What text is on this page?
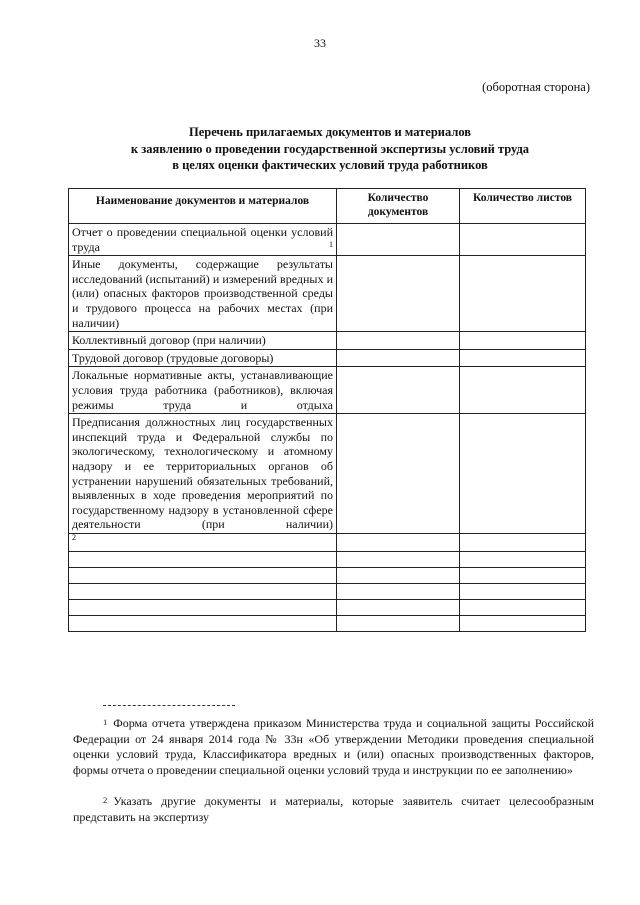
33
(оборотная сторона)
Перечень прилагаемых документов и материалов
к заявлению о проведении государственной экспертизы условий труда
в целях оценки фактических условий труда работников
Наименование документов и материалов	Количество документов	Количество листов
Отчет о проведении специальной оценки условий труда $^1$		
Иные документы, содержащие результаты исследований (испытаний) и измерений вредных и (или) опасных факторов производственной среды и трудового процесса на рабочих местах (при наличии)		
Коллективный договор (при наличии)		
Трудовой договор (трудовые договоры)		
Локальные нормативные акты, устанавливающие условия труда работника (работников), включая режимы труда и отдыха		
Предписания должностных лиц государственных инспекций труда и Федеральной службы по экологическому, технологическому и атомному надзору и ее территориальных органов об устранении нарушений обязательных требований, выявленных в ходе проведения мероприятий по государственному надзору в установленной сфере деятельности (при наличии)		
$^2$		

$^1$ Форма отчета утверждена приказом Министерства труда и социальной защиты Российской Федерации от 24 января 2014 года № 33н «Об утверждении Методики проведения специальной оценки условий труда, Классификатора вредных и (или) опасных производственных факторов, формы отчета о проведении специальной оценки условий труда и инструкции по ее заполнению»
$^2$ Указать другие документы и материалы, которые заявитель считает целесообразным представить на экспертизу
